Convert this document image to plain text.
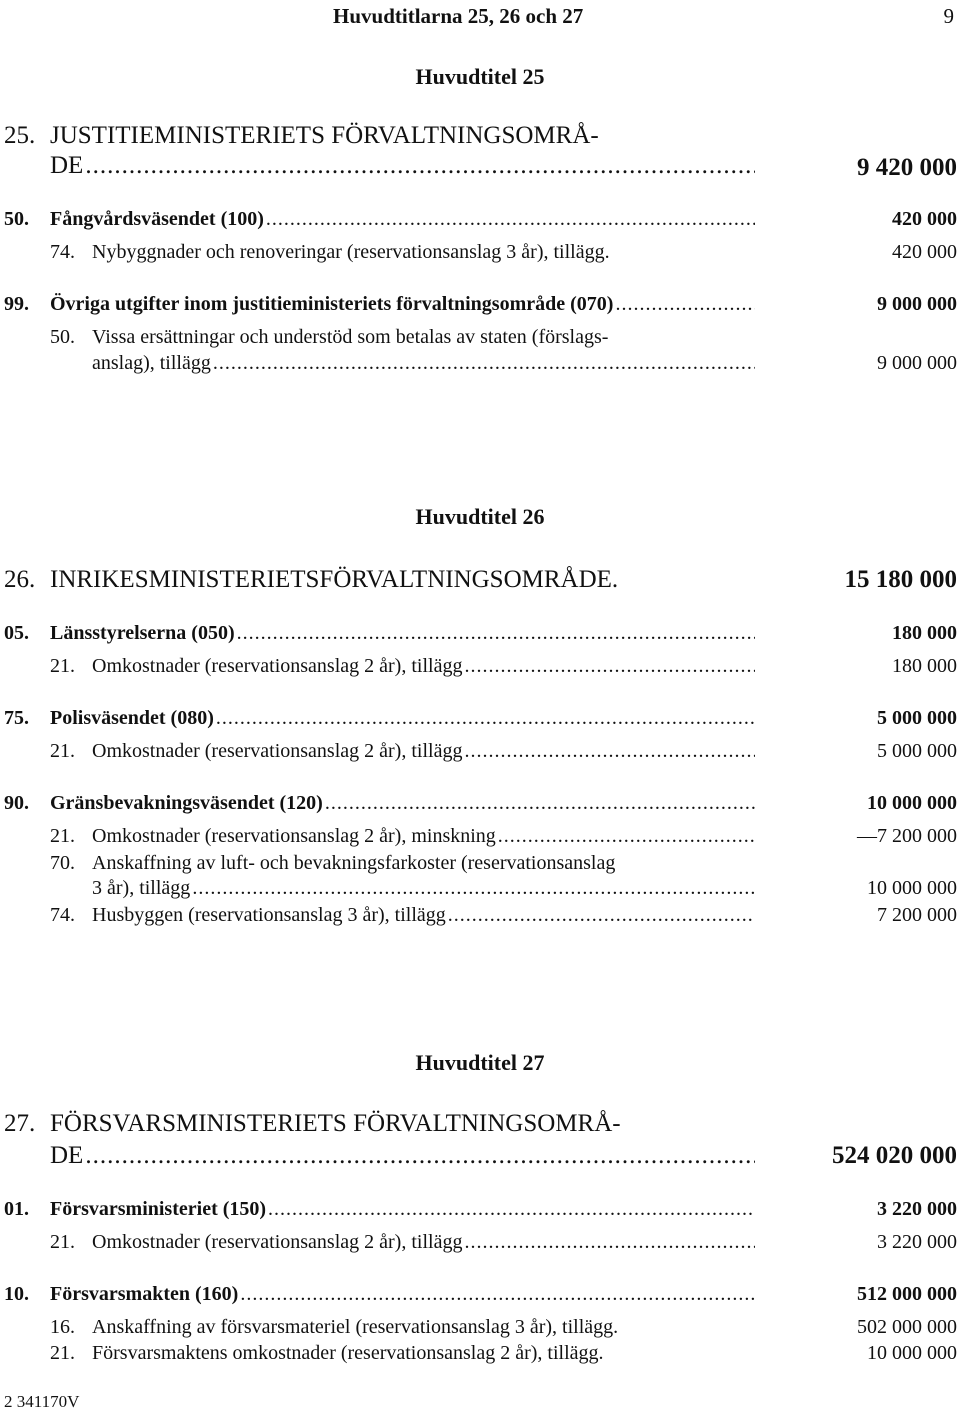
Huvudtitlarna 25, 26 och 27	9
Huvudtitel 25
25. JUSTITIEMINISTERIETS FÖRVALTNINGSOMRÅ-
DE .....	9 420 000
50.	Fångvårdsväsendet (100) .....	420 000
74. Nybyggnader och renoveringar (reservationsanslag 3 år), tillägg.	420 000
99.	Övriga utgifter inom justitieministeriets förvaltningsområde (070) .....	9 000 000
50. Vissa ersättningar och understöd som betalas av staten (förslags-
anslag), tillägg .....	9 000 000
Huvudtitel 26
26. INRIKESMINISTERIETSFÖRVALTNINGSOMRÅDE.	15 180 000
05.	Länsstyrelserna (050) .....	180 000
21. Omkostnader (reservationsanslag 2 år), tillägg .....	180 000
75.	Polisväsendet (080) .....	5 000 000
21. Omkostnader (reservationsanslag 2 år), tillägg .....	5 000 000
90.	Gränsbevakningsväsendet (120) .....	10 000 000
21. Omkostnader (reservationsanslag 2 år), minskning .....	—7 200 000
70. Anskaffning av luft- och bevakningsfarkoster (reservationsanslag
3 år), tillägg .....	10 000 000
74. Husbyggen (reservationsanslag 3 år), tillägg .....	7 200 000
Huvudtitel 27
27. FÖRSVARSMINISTERIETS FÖRVALTNINGSOMRÅ-
DE .....	524 020 000
01.	Försvarsministeriet (150) .....	3 220 000
21. Omkostnader (reservationsanslag 2 år), tillägg .....	3 220 000
10.	Försvarsmakten (160) .....	512 000 000
16. Anskaffning av försvarsmateriel (reservationsanslag 3 år), tillägg.	502 000 000
21. Försvarsmaktens omkostnader (reservationsanslag 2 år), tillägg.	10 000 000
2 341170V
